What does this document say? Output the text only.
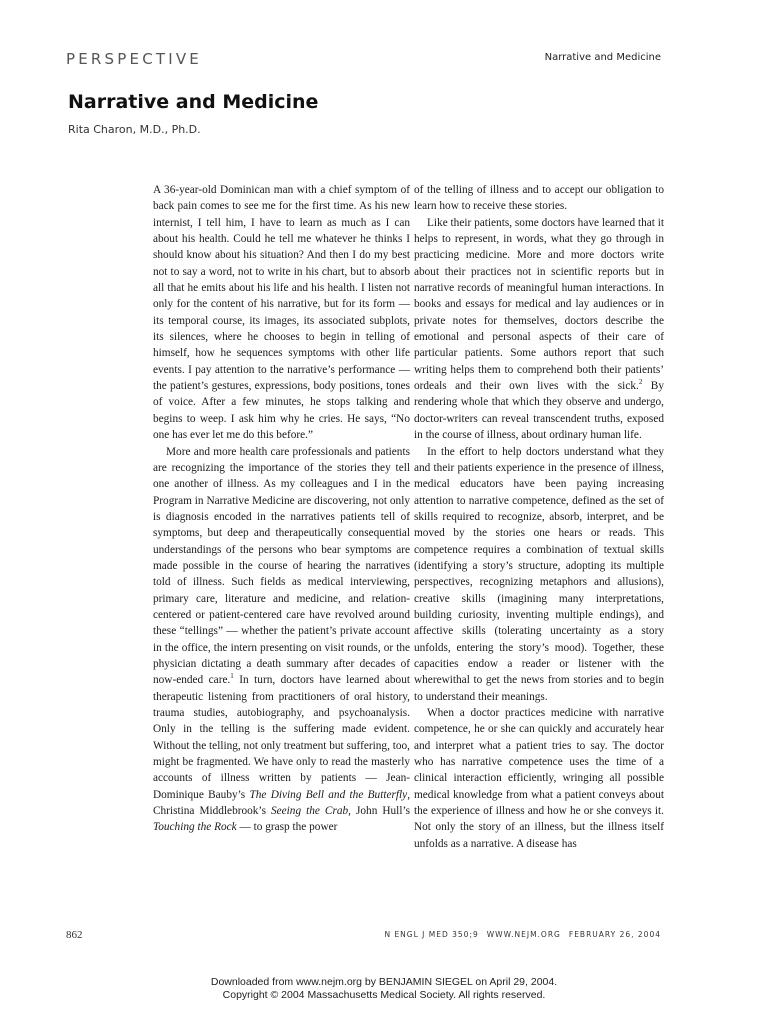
PERSPECTIVE	Narrative and Medicine
Narrative and Medicine
Rita Charon, M.D., Ph.D.

A 36-year-old Dominican man with a chief symptom of back pain comes to see me for the first time. As his new internist, I tell him, I have to learn as much as I can about his health. Could he tell me whatever he thinks I should know about his situation? And then I do my best not to say a word, not to write in his chart, but to absorb all that he emits about his life and his health. I listen not only for the content of his narrative, but for its form — its temporal course, its images, its associated subplots, its silences, where he chooses to begin in telling of himself, how he sequences symptoms with other life events. I pay attention to the narrative’s performance — the patient’s gestures, expressions, body positions, tones of voice. After a few minutes, he stops talking and begins to weep. I ask him why he cries. He says, “No one has ever let me do this before.”

More and more health care professionals and patients are recognizing the importance of the stories they tell one another of illness. As my colleagues and I in the Program in Narrative Medicine are discovering, not only is diagnosis encoded in the narratives patients tell of symptoms, but deep and therapeutically consequential understandings of the persons who bear symptoms are made possible in the course of hearing the narratives told of illness. Such fields as medical interviewing, primary care, literature and medicine, and relation-centered or patient-centered care have revolved around these “tellings” — whether the patient’s private account in the office, the intern presenting on visit rounds, or the physician dictating a death summary after decades of now-ended care.$^1$ In turn, doctors have learned about therapeutic listening from practitioners of oral history, trauma studies, autobiography, and psychoanalysis. Only in the telling is the suffering made evident. Without the telling, not only treatment but suffering, too, might be fragmented. We have only to read the masterly accounts of illness written by patients — Jean-Dominique Bauby’s The Diving Bell and the Butterfly, Christina Middlebrook’s Seeing the Crab, John Hull’s Touching the Rock — to grasp the power

of the telling of illness and to accept our obligation to learn how to receive these stories.

Like their patients, some doctors have learned that it helps to represent, in words, what they go through in practicing medicine. More and more doctors write about their practices not in scientific reports but in narrative records of meaningful human interactions. In books and essays for medical and lay audiences or in private notes for themselves, doctors describe the emotional and personal aspects of their care of particular patients. Some authors report that such writing helps them to comprehend both their patients’ ordeals and their own lives with the sick.$^2$ By rendering whole that which they observe and undergo, doctor-writers can reveal transcendent truths, exposed in the course of illness, about ordinary human life.

In the effort to help doctors understand what they and their patients experience in the presence of illness, medical educators have been paying increasing attention to narrative competence, defined as the set of skills required to recognize, absorb, interpret, and be moved by the stories one hears or reads. This competence requires a combination of textual skills (identifying a story’s structure, adopting its multiple perspectives, recognizing metaphors and allusions), creative skills (imagining many interpretations, building curiosity, inventing multiple endings), and affective skills (tolerating uncertainty as a story unfolds, entering the story’s mood). Together, these capacities endow a reader or listener with the wherewithal to get the news from stories and to begin to understand their meanings.

When a doctor practices medicine with narrative competence, he or she can quickly and accurately hear and interpret what a patient tries to say. The doctor who has narrative competence uses the time of a clinical interaction efficiently, wringing all possible medical knowledge from what a patient conveys about the experience of illness and how he or she conveys it. Not only the story of an illness, but the illness itself unfolds as a narrative. A disease has

862	N ENGL J MED 350;9 WWW.NEJM.ORG FEBRUARY 26, 2004
Downloaded from www.nejm.org by BENJAMIN SIEGEL on April 29, 2004.
Copyright © 2004 Massachusetts Medical Society. All rights reserved.
